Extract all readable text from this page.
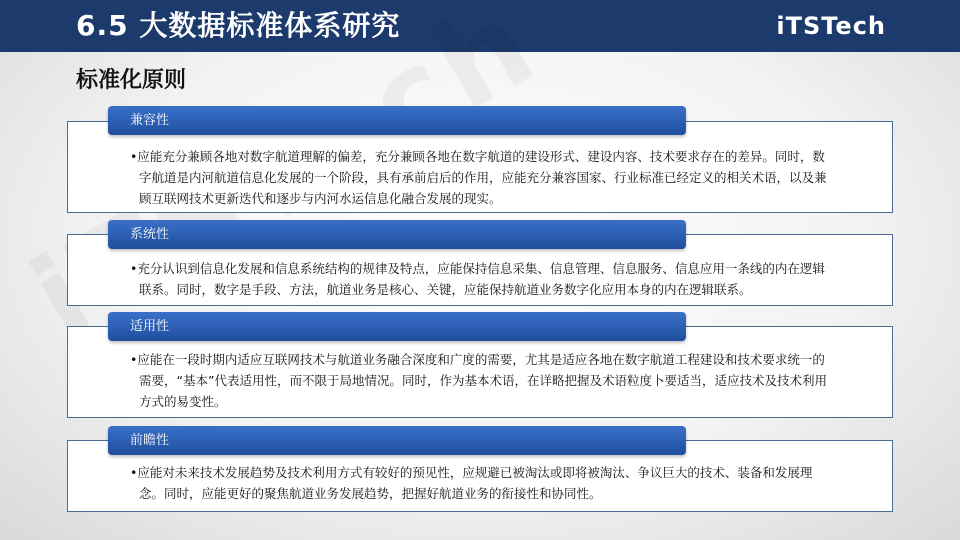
6.5 大数据标准体系研究	iTSTech
标准化原则
•应能充分兼顾各地对数字航道理解的偏差，充分兼顾各地在数字航道的建设形式、建设内容、技术要求存在的差异。同时，数字航道是内河航道信息化发展的一个阶段，具有承前启后的作用，应能充分兼容国家、行业标准已经定义的相关术语，以及兼顾互联网技术更新迭代和逐步与内河水运信息化融合发展的现实。
兼容性
•充分认识到信息化发展和信息系统结构的规律及特点，应能保持信息采集、信息管理、信息服务、信息应用一条线的内在逻辑联系。同时，数字是手段、方法，航道业务是核心、关键，应能保持航道业务数字化应用本身的内在逻辑联系。
系统性
•应能在一段时期内适应互联网技术与航道业务融合深度和广度的需要，尤其是适应各地在数字航道工程建设和技术要求统一的需要，“基本”代表适用性，而不限于局地情况。同时，作为基本术语，在详略把握及术语粒度卜要适当，适应技术及技术利用方式的易变性。
适用性
•应能对未来技术发展趋势及技术利用方式有较好的预见性，应规避已被淘汰或即将被淘汰、争议巨大的技术、装备和发展理念。同时，应能更好的聚焦航道业务发展趋势，把握好航道业务的衔接性和协同性。
前瞻性
